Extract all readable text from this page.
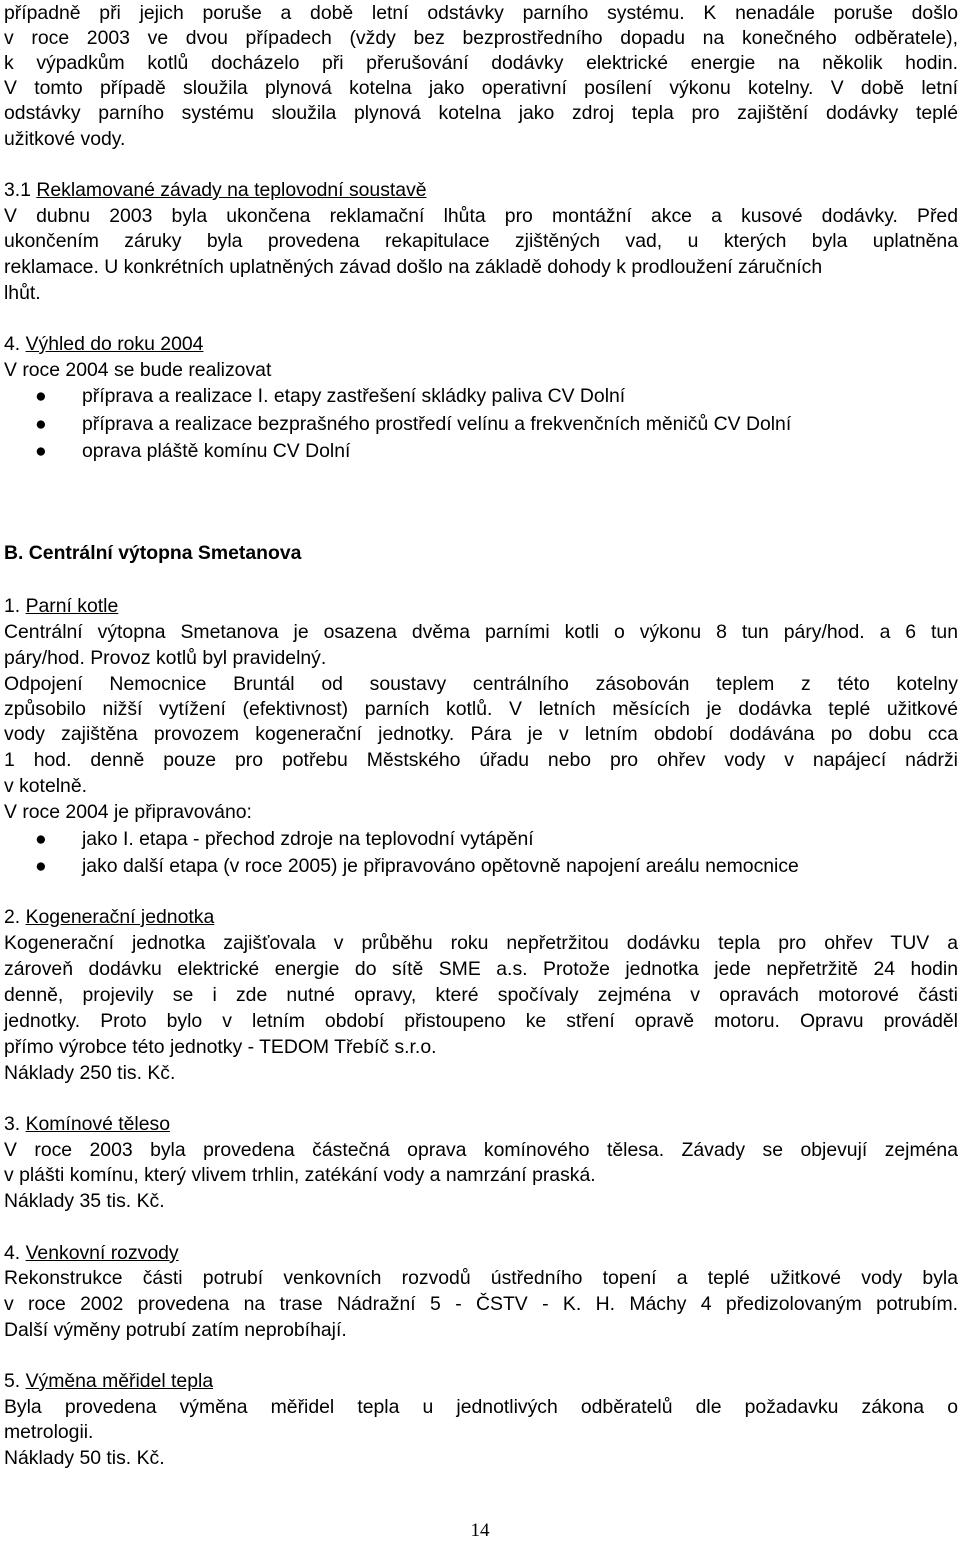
případně při jejich poruše a době letní odstávky parního systému. K nenadále poruše došlo
v roce 2003 ve dvou případech (vždy bez bezprostředního dopadu na konečného odběratele),
k výpadkům kotlů docházelo při přerušování dodávky elektrické energie na několik hodin.
V tomto případě sloužila plynová kotelna jako operativní posílení výkonu kotelny. V době letní
odstávky parního systému sloužila plynová kotelna jako zdroj tepla pro zajištění dodávky teplé
užitkové vody.
3.1 Reklamované závady na teplovodní soustavě
V dubnu 2003 byla ukončena reklamační lhůta pro montážní akce a kusové dodávky. Před
ukončením záruky byla provedena rekapitulace zjištěných vad, u kterých byla uplatněna
reklamace. U konkrétních uplatněných závad došlo na základě dohody k prodloužení záručních
lhůt.
4. Výhled do roku 2004
V roce 2004 se bude realizovat
● příprava a realizace I. etapy zastřešení skládky paliva CV Dolní
● příprava a realizace bezprašného prostředí velínu a frekvenčních měničů CV Dolní
● oprava pláště komínu CV Dolní
B. Centrální výtopna Smetanova
1. Parní kotle
Centrální výtopna Smetanova je osazena dvěma parními kotli o výkonu 8 tun páry/hod. a 6 tun
páry/hod. Provoz kotlů byl pravidelný.
Odpojení Nemocnice Bruntál od soustavy centrálního zásobován teplem z této kotelny
způsobilo nižší vytížení (efektivnost) parních kotlů. V letních měsících je dodávka teplé užitkové
vody zajištěna provozem kogenerační jednotky. Pára je v letním období dodávána po dobu cca
1 hod. denně pouze pro potřebu Městského úřadu nebo pro ohřev vody v napájecí nádrži
v kotelně.
V roce 2004 je připravováno:
● jako I. etapa - přechod zdroje na teplovodní vytápění
● jako další etapa (v roce 2005) je připravováno opětovně napojení areálu nemocnice
2. Kogenerační jednotka
Kogenerační jednotka zajišťovala v průběhu roku nepřetržitou dodávku tepla pro ohřev TUV a
zároveň dodávku elektrické energie do sítě SME a.s. Protože jednotka jede nepřetržitě 24 hodin
denně, projevily se i zde nutné opravy, které spočívaly zejména v opravách motorové části
jednotky. Proto bylo v letním období přistoupeno ke stření opravě motoru. Opravu prováděl
přímo výrobce této jednotky - TEDOM Třebíč s.r.o.
Náklady 250 tis. Kč.
3. Komínové těleso
V roce 2003 byla provedena částečná oprava komínového tělesa. Závady se objevují zejména
v plášti komínu, který vlivem trhlin, zatékání vody a namrzání praská.
Náklady 35 tis. Kč.
4. Venkovní rozvody
Rekonstrukce části potrubí venkovních rozvodů ústředního topení a teplé užitkové vody byla
v roce 2002 provedena na trase Nádražní 5 - ČSTV - K. H. Máchy 4 předizolovaným potrubím.
Další výměny potrubí zatím neprobíhají.
5. Výměna měřidel tepla
Byla provedena výměna měřidel tepla u jednotlivých odběratelů dle požadavku zákona o
metrologii.
Náklady 50 tis. Kč.
14
